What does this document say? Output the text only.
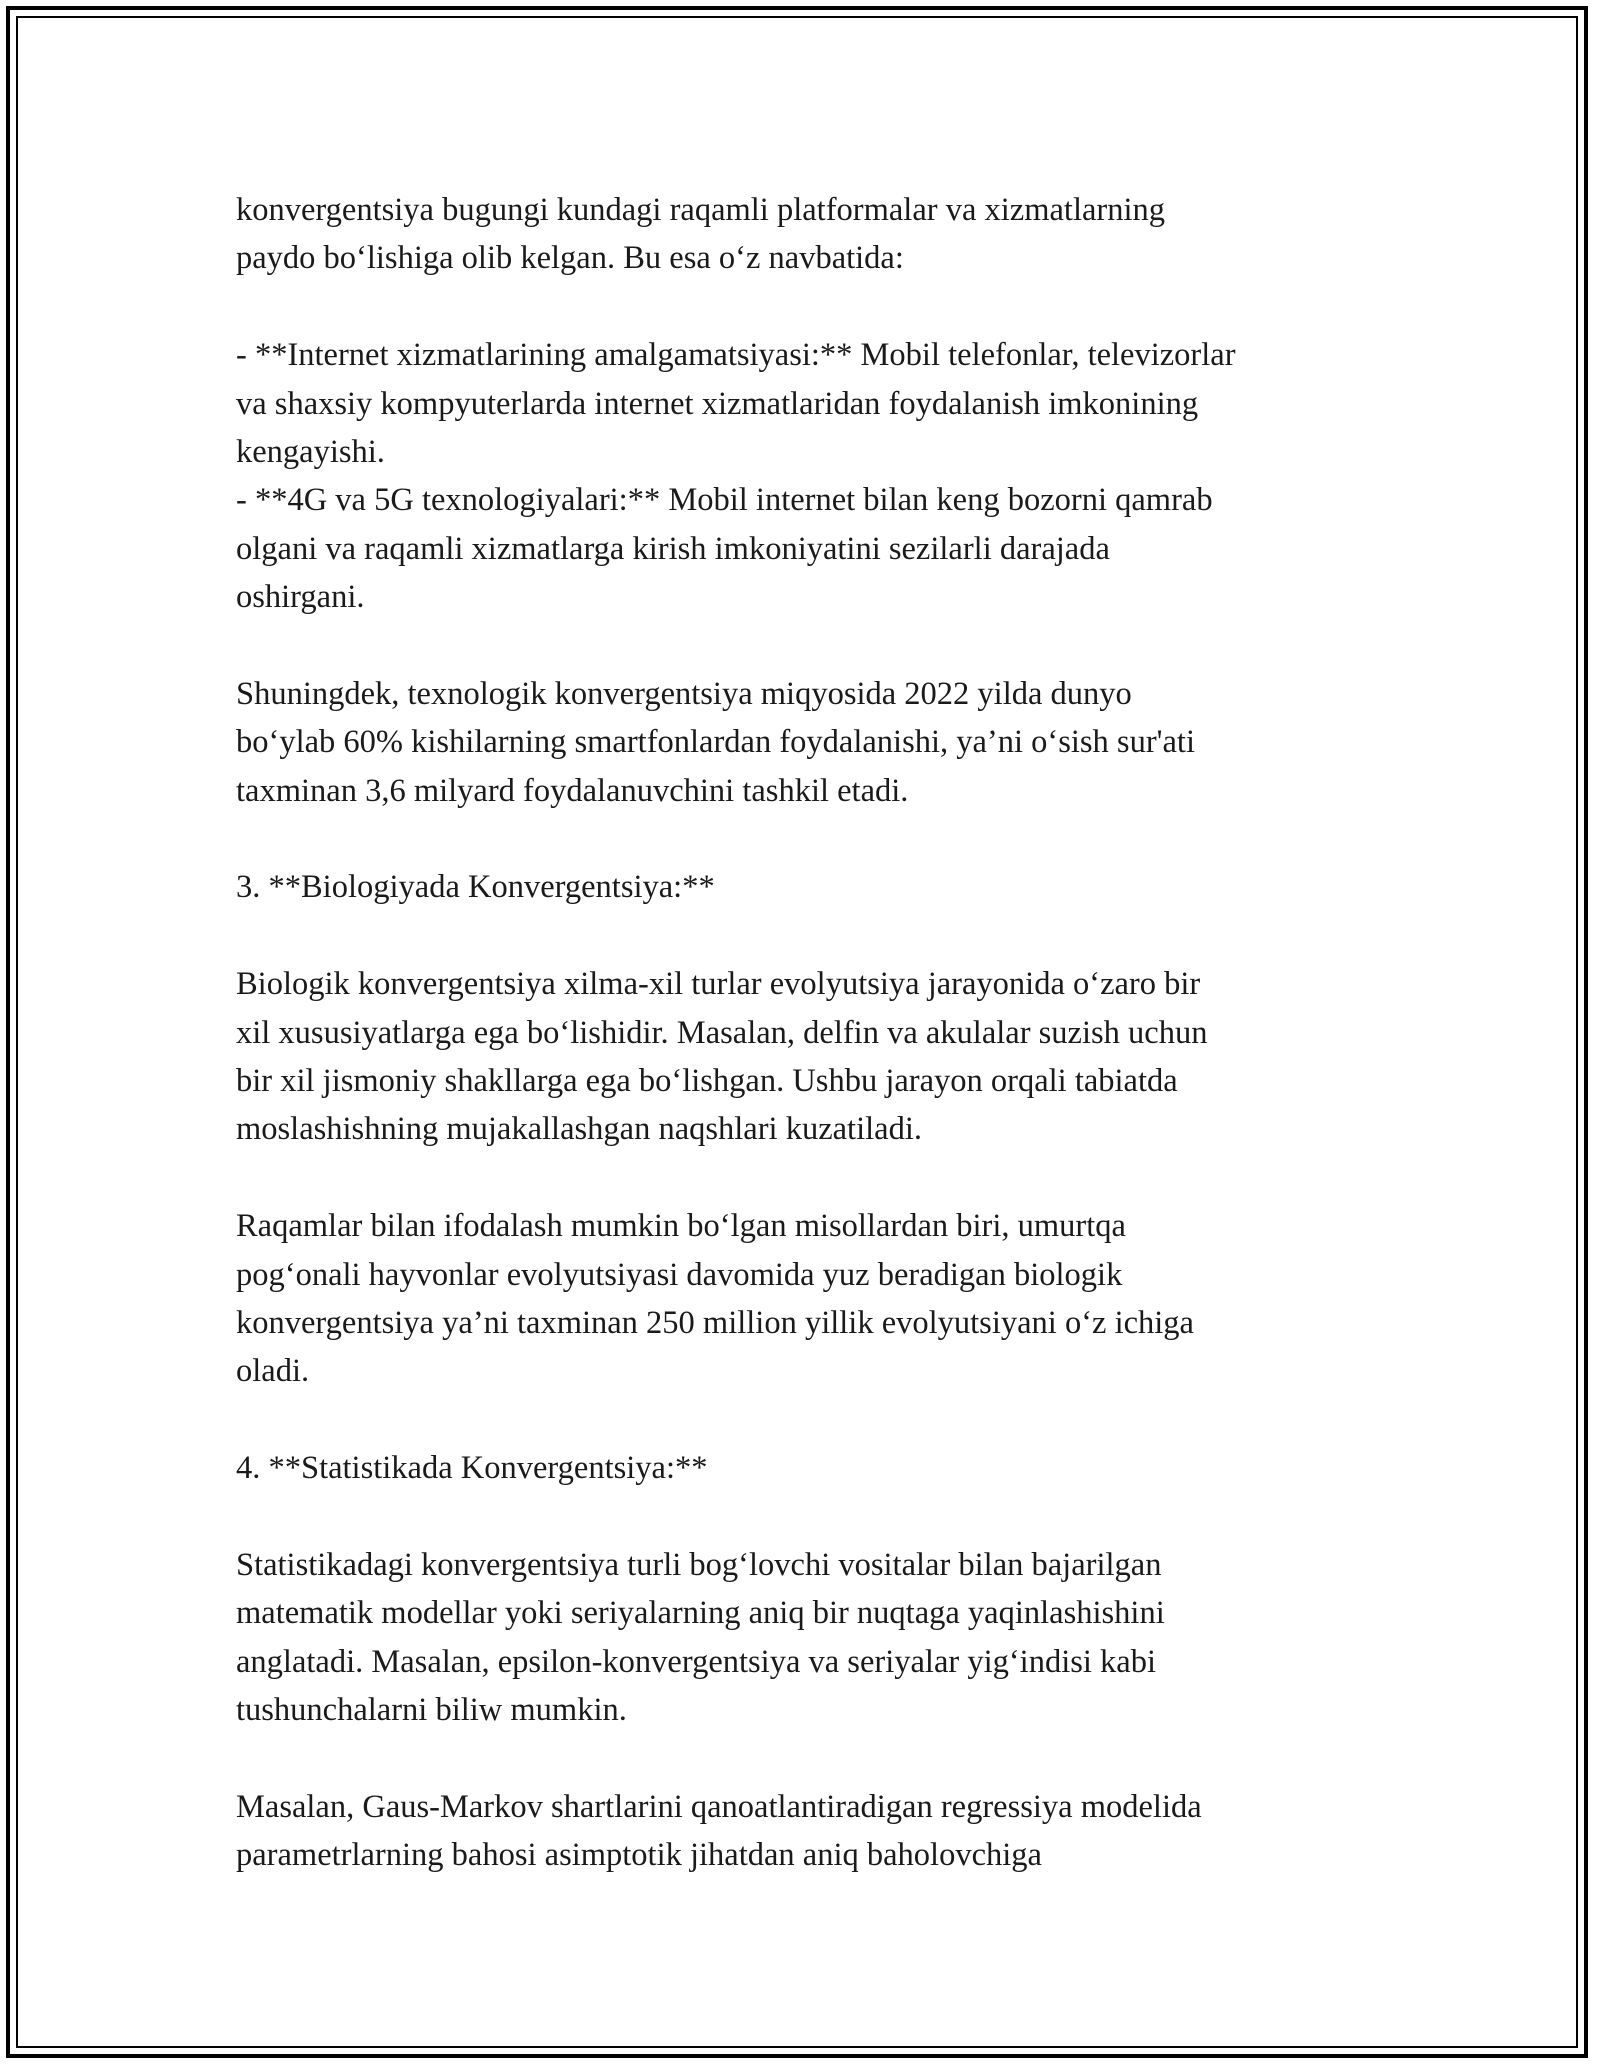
konvergentsiya bugungi kundagi raqamli platformalar va xizmatlarning
paydo bo‘lishiga olib kelgan. Bu esa o‘z navbatida:
- **Internet xizmatlarining amalgamatsiyasi:** Mobil telefonlar, televizorlar
va shaxsiy kompyuterlarda internet xizmatlaridan foydalanish imkonining
kengayishi.
- **4G va 5G texnologiyalari:** Mobil internet bilan keng bozorni qamrab
olgani va raqamli xizmatlarga kirish imkoniyatini sezilarli darajada
oshirgani.
Shuningdek, texnologik konvergentsiya miqyosida 2022 yilda dunyo
bo‘ylab 60% kishilarning smartfonlardan foydalanishi, ya’ni o‘sish sur'ati
taxminan 3,6 milyard foydalanuvchini tashkil etadi.
3. **Biologiyada Konvergentsiya:**
Biologik konvergentsiya xilma-xil turlar evolyutsiya jarayonida o‘zaro bir
xil xususiyatlarga ega bo‘lishidir. Masalan, delfin va akulalar suzish uchun
bir xil jismoniy shakllarga ega bo‘lishgan. Ushbu jarayon orqali tabiatda
moslashishning mujakallashgan naqshlari kuzatiladi.
Raqamlar bilan ifodalash mumkin bo‘lgan misollardan biri, umurtqa
pog‘onali hayvonlar evolyutsiyasi davomida yuz beradigan biologik
konvergentsiya ya’ni taxminan 250 million yillik evolyutsiyani o‘z ichiga
oladi.
4. **Statistikada Konvergentsiya:**
Statistikadagi konvergentsiya turli bog‘lovchi vositalar bilan bajarilgan
matematik modellar yoki seriyalarning aniq bir nuqtaga yaqinlashishini
anglatadi. Masalan, epsilon-konvergentsiya va seriyalar yig‘indisi kabi
tushunchalarni biliw mumkin.
Masalan, Gaus-Markov shartlarini qanoatlantiradigan regressiya modelida
parametrlarning bahosi asimptotik jihatdan aniq baholovchiga
